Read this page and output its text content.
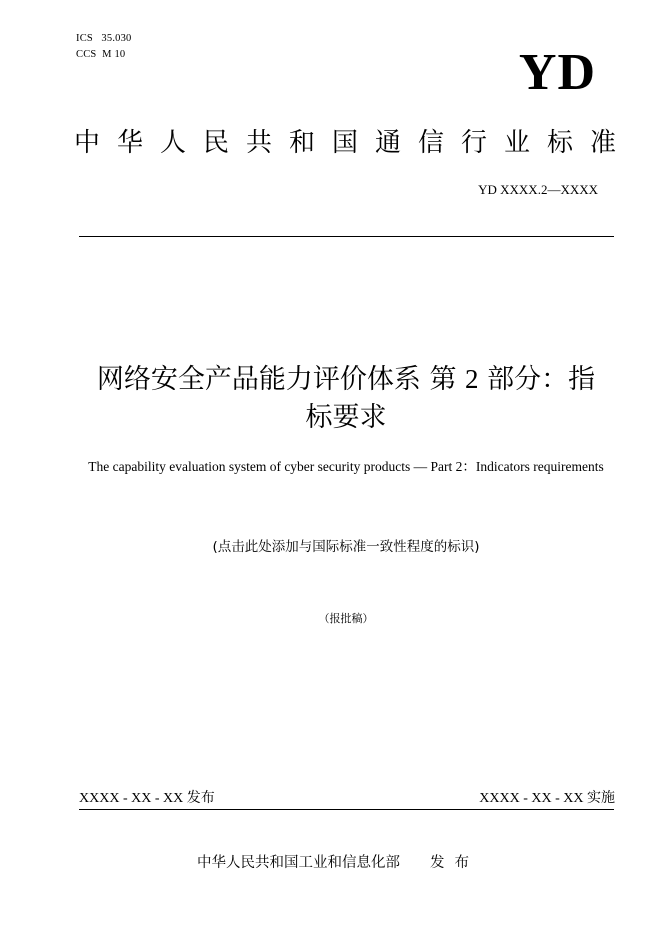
ICS   35.030
CCS  M 10	YD
中华人民共和国通信行业标准
YD XXXX.2—XXXX
网络安全产品能力评价体系 第 2 部分：指
标要求
The capability evaluation system of cyber security products — Part 2：Indicators requirements
(点击此处添加与国际标准一致性程度的标识)
（报批稿）
XXXX - XX - XX 发布	XXXX - XX - XX 实施
中华人民共和国工业和信息化部 发布
